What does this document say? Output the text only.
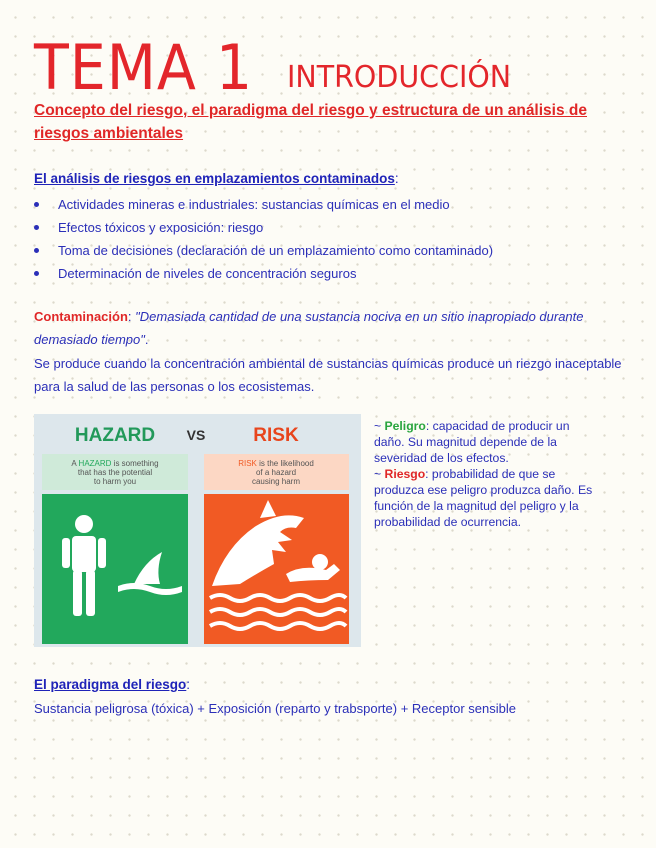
TEMA 1 INTRODUCCIÓN
Concepto del riesgo, el paradigma del riesgo y estructura de un análisis de riesgos ambientales
El análisis de riesgos en emplazamientos contaminados:
Actividades mineras e industriales: sustancias químicas en el medio
Efectos tóxicos y exposición: riesgo
Toma de decisiones (declaración de un emplazamiento como contaminado)
Determinación de niveles de concentración seguros
Contaminación: "Demasiada cantidad de una sustancia nociva en un sitio inapropiado durante demasiado tiempo".
Se produce cuando la concentración ambiental de sustancias químicas produce un riezgo inaceptable para la salud de las personas o los ecosistemas.
HAZARD VS	RISK
A HAZARD is something
that has the potential
to harm you
RISK is the likelihood
of a hazard
causing harm
~ Peligro: capacidad de producir un daño. Su magnitud depende de la severidad de los efectos.
~ Riesgo: probabilidad de que se produzca ese peligro produzca daño. Es función de la magnitud del peligro y la probabilidad de ocurrencia.
El paradigma del riesgo:
Sustancia peligrosa (tóxica) + Exposición (reparto y trabsporte) + Receptor sensible
